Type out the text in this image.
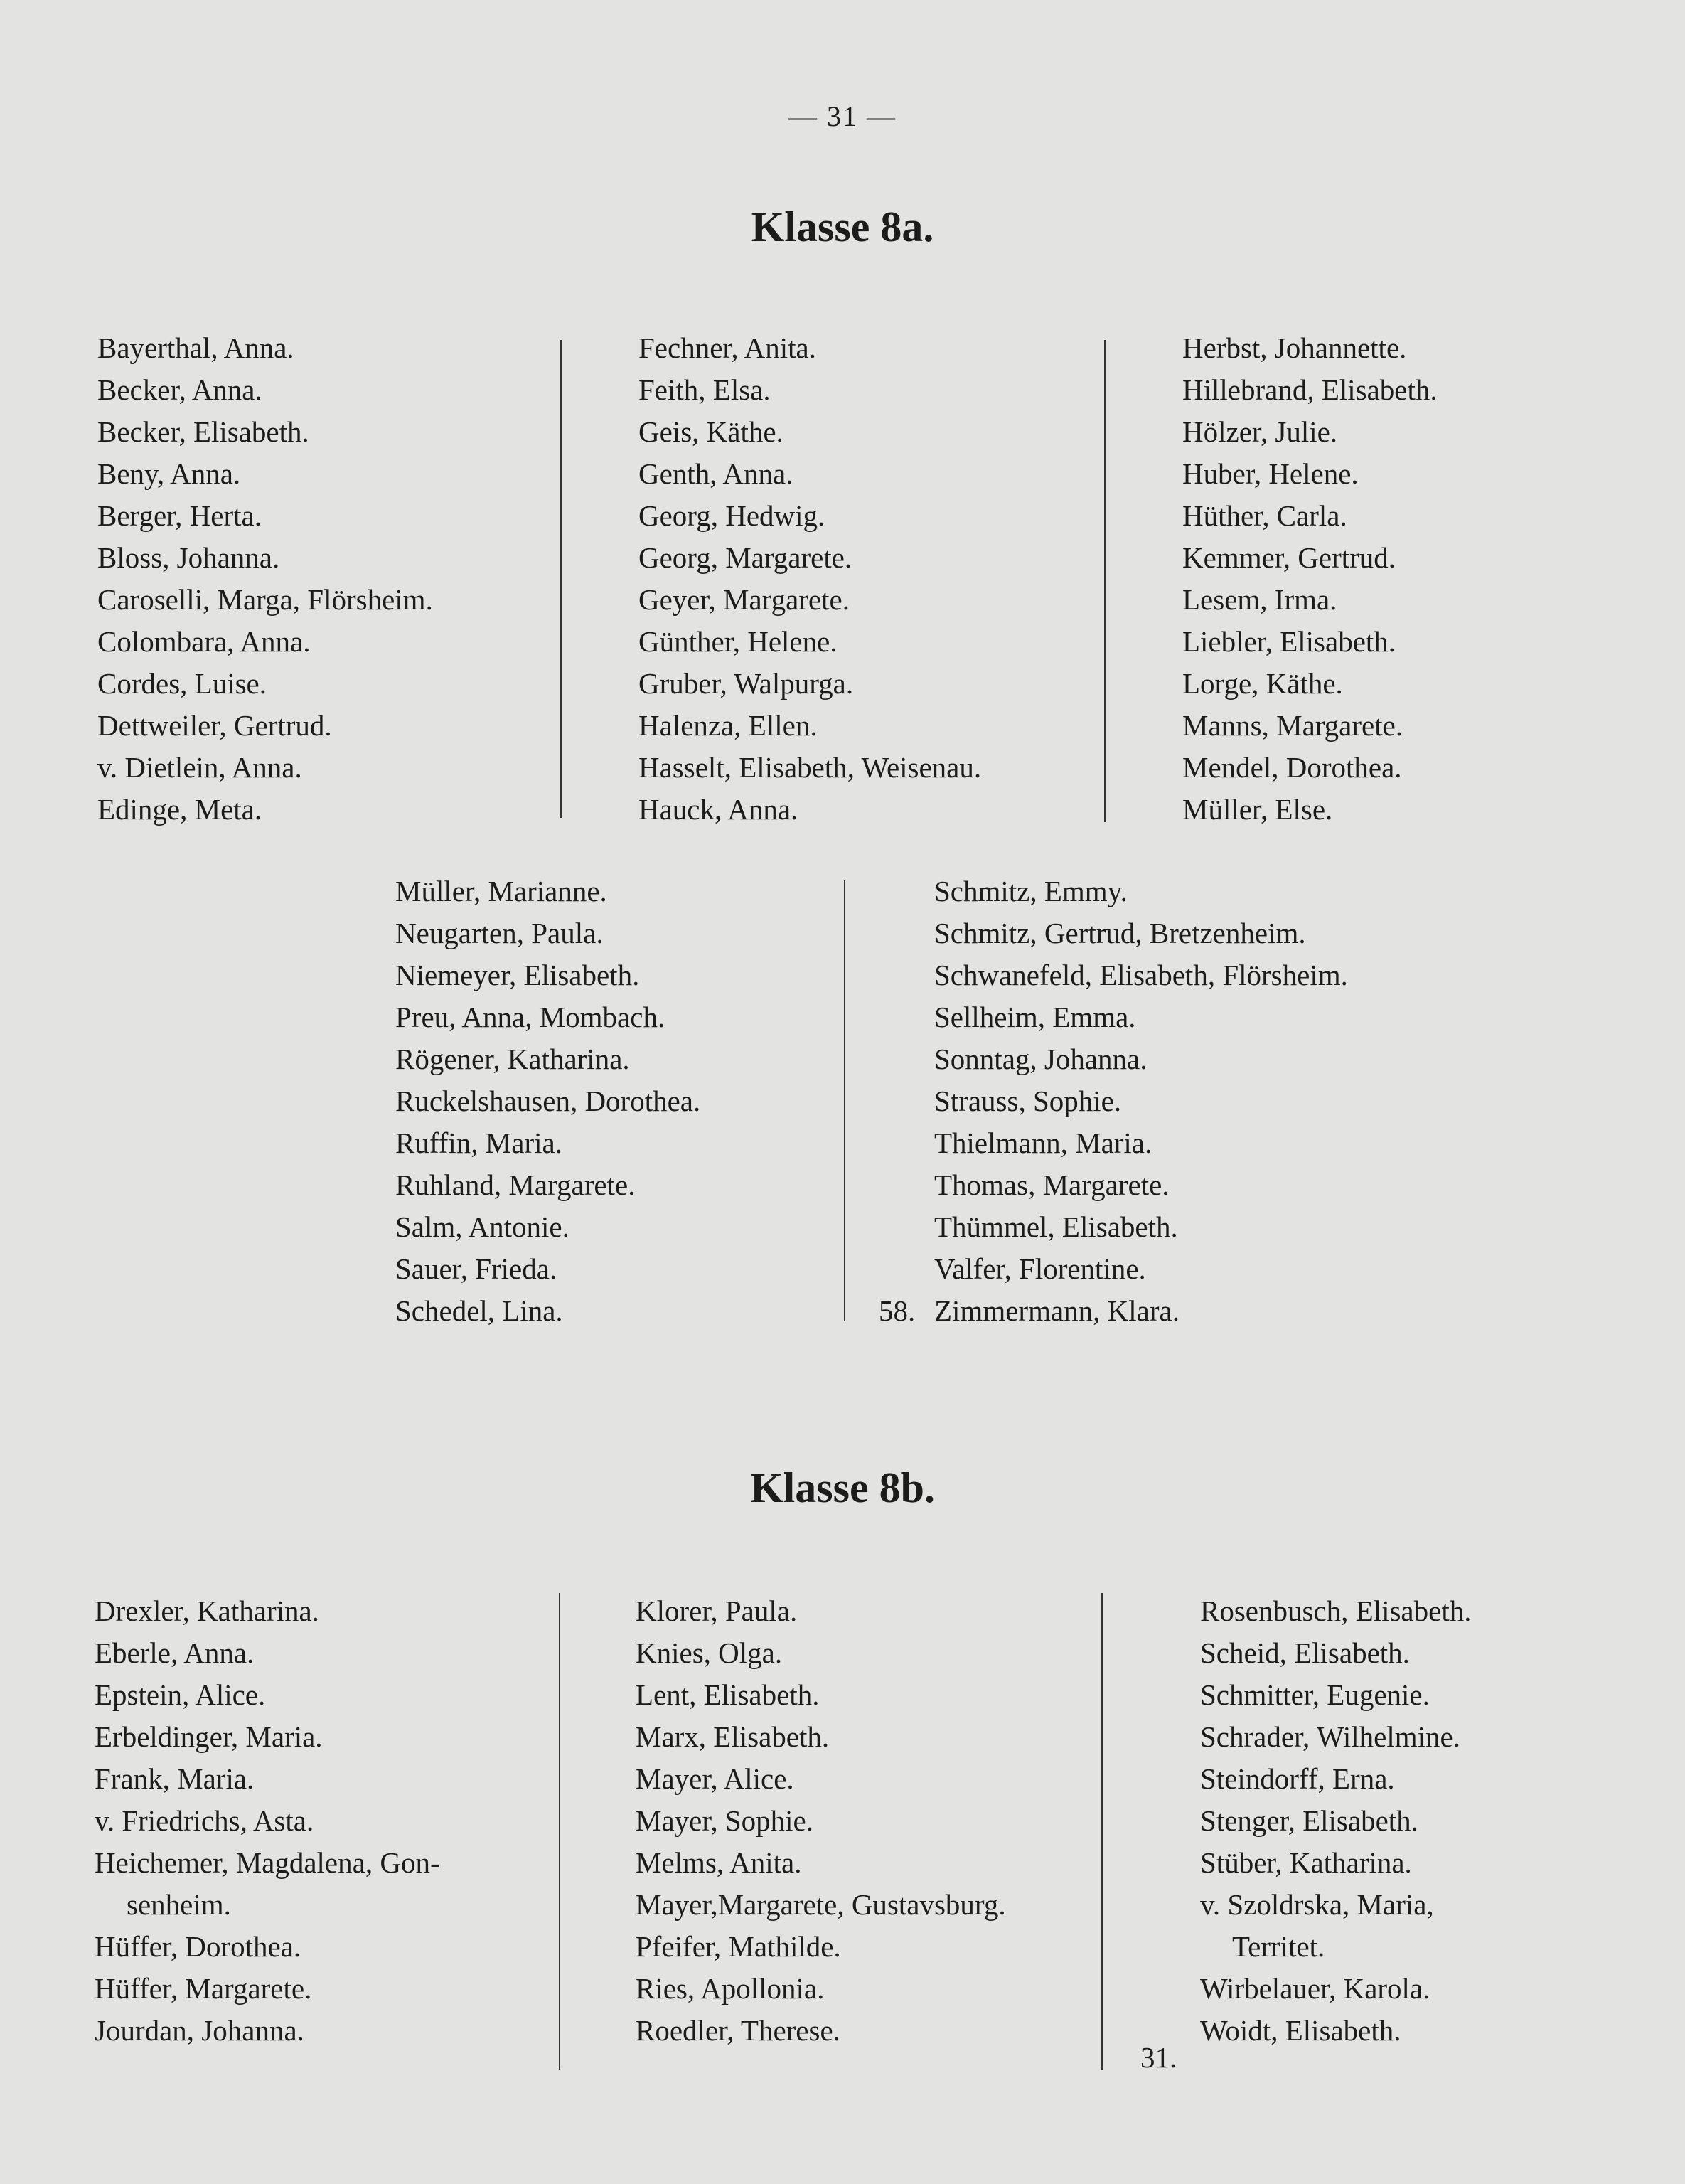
— 31 —
Klasse 8a.
Bayerthal, Anna.
Becker, Anna.
Becker, Elisabeth.
Beny, Anna.
Berger, Herta.
Bloss, Johanna.
Caroselli, Marga, Flörsheim.
Colombara, Anna.
Cordes, Luise.
Dettweiler, Gertrud.
v. Dietlein, Anna.
Edinge, Meta.
Fechner, Anita.
Feith, Elsa.
Geis, Käthe.
Genth, Anna.
Georg, Hedwig.
Georg, Margarete.
Geyer, Margarete.
Günther, Helene.
Gruber, Walpurga.
Halenza, Ellen.
Hasselt, Elisabeth, Weisenau.
Hauck, Anna.
Herbst, Johannette.
Hillebrand, Elisabeth.
Hölzer, Julie.
Huber, Helene.
Hüther, Carla.
Kemmer, Gertrud.
Lesem, Irma.
Liebler, Elisabeth.
Lorge, Käthe.
Manns, Margarete.
Mendel, Dorothea.
Müller, Else.
Müller, Marianne.
Neugarten, Paula.
Niemeyer, Elisabeth.
Preu, Anna, Mombach.
Rögener, Katharina.
Ruckelshausen, Dorothea.
Ruffin, Maria.
Ruhland, Margarete.
Salm, Antonie.
Sauer, Frieda.
Schedel, Lina.
Schmitz, Emmy.
Schmitz, Gertrud, Bretzenheim.
Schwanefeld, Elisabeth, Flörsheim.
Sellheim, Emma.
Sonntag, Johanna.
Strauss, Sophie.
Thielmann, Maria.
Thomas, Margarete.
Thümmel, Elisabeth.
Valfer, Florentine.
Zimmermann, Klara.
58.
Klasse 8b.
Drexler, Katharina.
Eberle, Anna.
Epstein, Alice.
Erbeldinger, Maria.
Frank, Maria.
v. Friedrichs, Asta.
Heichemer, Magdalena, Gon-
senheim.
Hüffer, Dorothea.
Hüffer, Margarete.
Jourdan, Johanna.
Klorer, Paula.
Knies, Olga.
Lent, Elisabeth.
Marx, Elisabeth.
Mayer, Alice.
Mayer, Sophie.
Melms, Anita.
Mayer,Margarete, Gustavsburg.
Pfeifer, Mathilde.
Ries, Apollonia.
Roedler, Therese.
Rosenbusch, Elisabeth.
Scheid, Elisabeth.
Schmitter, Eugenie.
Schrader, Wilhelmine.
Steindorff, Erna.
Stenger, Elisabeth.
Stüber, Katharina.
v. Szoldrska, Maria,
Territet.
Wirbelauer, Karola.
Woidt, Elisabeth.
31.
